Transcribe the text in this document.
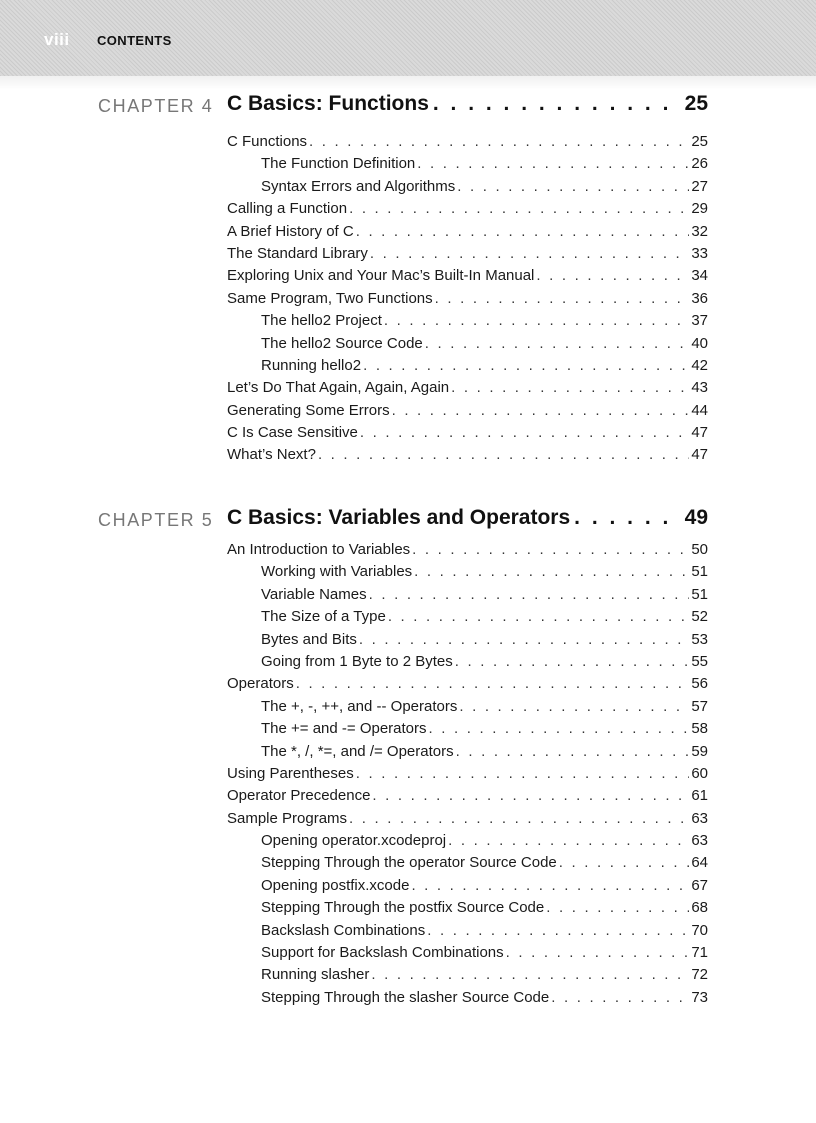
viii CONTENTS
CHAPTER 4 C Basics: Functions . . .	25
C Functions . . .	25
The Function Definition . . .	26
Syntax Errors and Algorithms . . .	27
Calling a Function . . .	29
A Brief History of C . . .	32
The Standard Library . . .	33
Exploring Unix and Your Mac’s Built-In Manual . . .	34
Same Program, Two Functions . . .	36
The hello2 Project . . .	37
The hello2 Source Code . . .	40
Running hello2 . . .	42
Let’s Do That Again, Again, Again . . .	43
Generating Some Errors . . .	44
C Is Case Sensitive . . .	47
What’s Next? . . .	47
CHAPTER 5 C Basics: Variables and Operators . . .	49
An Introduction to Variables . . .	50
Working with Variables . . .	51
Variable Names . . .	51
The Size of a Type . . .	52
Bytes and Bits . . .	53
Going from 1 Byte to 2 Bytes . . .	55
Operators . . .	56
The +, -, ++, and -- Operators . . .	57
The += and -= Operators . . .	58
The *, /, *=, and /= Operators . . .	59
Using Parentheses . . .	60
Operator Precedence . . .	61
Sample Programs . . .	63
Opening operator.xcodeproj . . .	63
Stepping Through the operator Source Code . . .	64
Opening postfix.xcode . . .	67
Stepping Through the postfix Source Code . . .	68
Backslash Combinations . . .	70
Support for Backslash Combinations . . .	71
Running slasher . . .	72
Stepping Through the slasher Source Code . . .	73
